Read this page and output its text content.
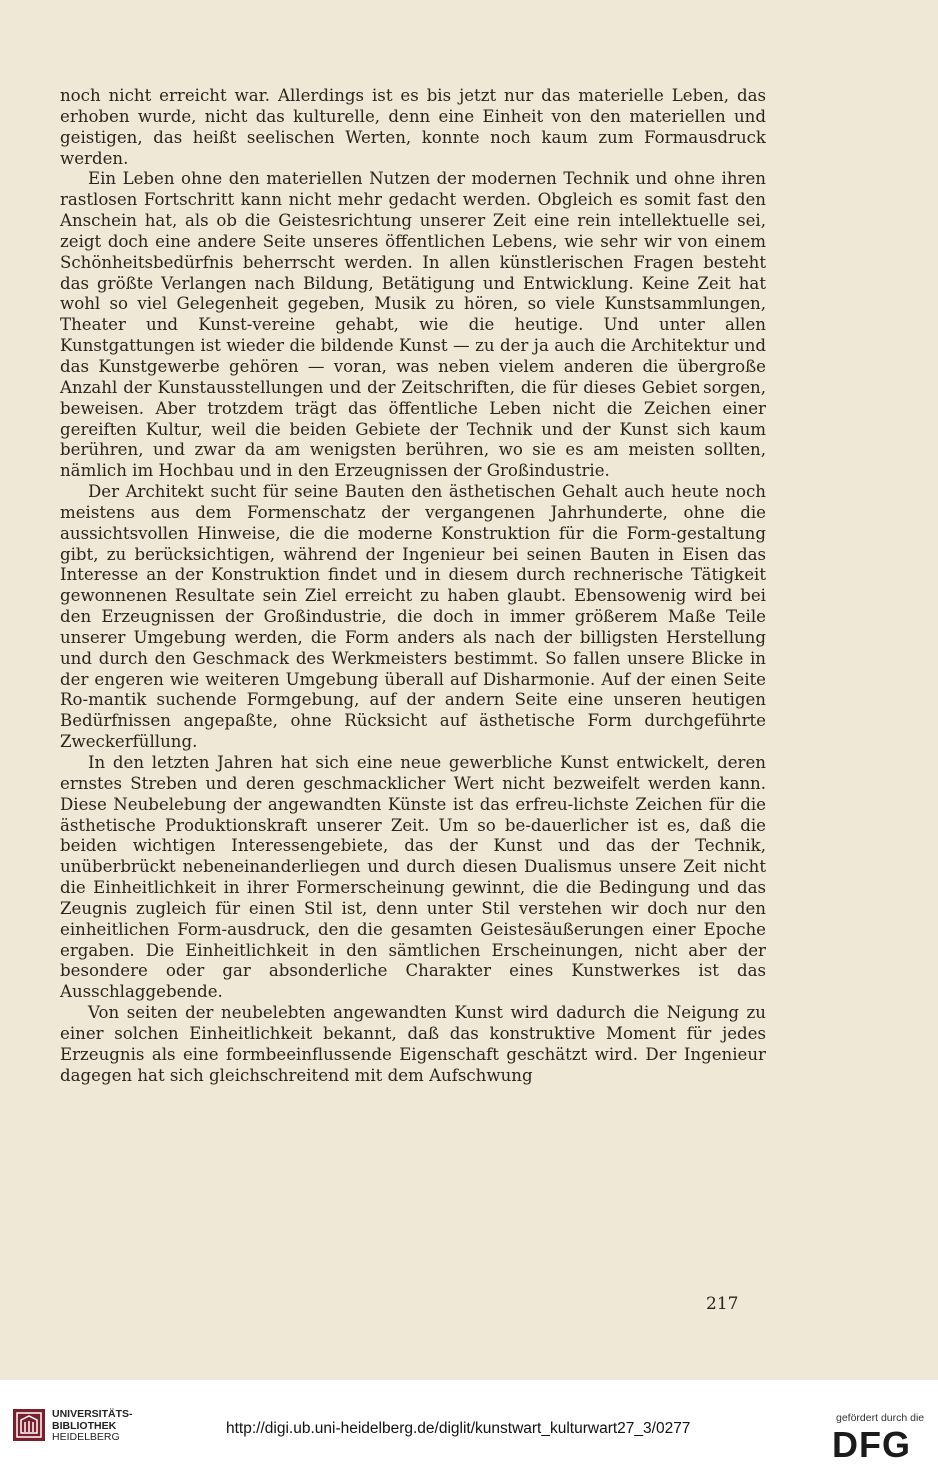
noch nicht erreicht war. Allerdings ist es bis jetzt nur das materielle Leben, das erhoben wurde, nicht das kulturelle, denn eine Einheit von den materiellen und geistigen, das heißt seelischen Werten, konnte noch kaum zum Formausdruck werden.

Ein Leben ohne den materiellen Nutzen der modernen Technik und ohne ihren rastlosen Fortschritt kann nicht mehr gedacht werden. Obgleich es somit fast den Anschein hat, als ob die Geistesrichtung unserer Zeit eine rein intellektuelle sei, zeigt doch eine andere Seite unseres öffentlichen Lebens, wie sehr wir von einem Schönheitsbedürfnis beherrscht werden. In allen künstlerischen Fragen besteht das größte Verlangen nach Bildung, Betätigung und Entwicklung. Keine Zeit hat wohl so viel Gelegenheit gegeben, Musik zu hören, so viele Kunstsammlungen, Theater und Kunst-vereine gehabt, wie die heutige. Und unter allen Kunstgattungen ist wieder die bildende Kunst — zu der ja auch die Architektur und das Kunstgewerbe gehören — voran, was neben vielem anderen die übergroße Anzahl der Kunstausstellungen und der Zeitschriften, die für dieses Gebiet sorgen, beweisen. Aber trotzdem trägt das öffentliche Leben nicht die Zeichen einer gereiften Kultur, weil die beiden Gebiete der Technik und der Kunst sich kaum berühren, und zwar da am wenigsten berühren, wo sie es am meisten sollten, nämlich im Hochbau und in den Erzeugnissen der Großindustrie.

Der Architekt sucht für seine Bauten den ästhetischen Gehalt auch heute noch meistens aus dem Formenschatz der vergangenen Jahrhunderte, ohne die aussichtsvollen Hinweise, die die moderne Konstruktion für die Form-gestaltung gibt, zu berücksichtigen, während der Ingenieur bei seinen Bauten in Eisen das Interesse an der Konstruktion findet und in diesem durch rechnerische Tätigkeit gewonnenen Resultate sein Ziel erreicht zu haben glaubt. Ebensowenig wird bei den Erzeugnissen der Großindustrie, die doch in immer größerem Maße Teile unserer Umgebung werden, die Form anders als nach der billigsten Herstellung und durch den Geschmack des Werkmeisters bestimmt. So fallen unsere Blicke in der engeren wie weiteren Umgebung überall auf Disharmonie. Auf der einen Seite Ro-mantik suchende Formgebung, auf der andern Seite eine unseren heutigen Bedürfnissen angepaßte, ohne Rücksicht auf ästhetische Form durchgeführte Zweckerfüllung.

In den letzten Jahren hat sich eine neue gewerbliche Kunst entwickelt, deren ernstes Streben und deren geschmacklicher Wert nicht bezweifelt werden kann. Diese Neubelebung der angewandten Künste ist das erfreu-lichste Zeichen für die ästhetische Produktionskraft unserer Zeit. Um so be-dauerlicher ist es, daß die beiden wichtigen Interessengebiete, das der Kunst und das der Technik, unüberbrückt nebeneinanderliegen und durch diesen Dualismus unsere Zeit nicht die Einheitlichkeit in ihrer Formerscheinung gewinnt, die die Bedingung und das Zeugnis zugleich für einen Stil ist, denn unter Stil verstehen wir doch nur den einheitlichen Form-ausdruck, den die gesamten Geistesäußerungen einer Epoche ergaben. Die Einheitlichkeit in den sämtlichen Erscheinungen, nicht aber der besondere oder gar absonderliche Charakter eines Kunstwerkes ist das Ausschlaggebende.

Von seiten der neubelebten angewandten Kunst wird dadurch die Neigung zu einer solchen Einheitlichkeit bekannt, daß das konstruktive Moment für jedes Erzeugnis als eine formbeeinflussende Eigenschaft geschätzt wird. Der Ingenieur dagegen hat sich gleichschreitend mit dem Aufschwung

217
UNIVERSITÄTS-
BIBLIOTHEK
HEIDELBERG	http://digi.ub.uni-heidelberg.de/diglit/kunstwart_kulturwart27_3/0277
gefördert durch die
DFG
